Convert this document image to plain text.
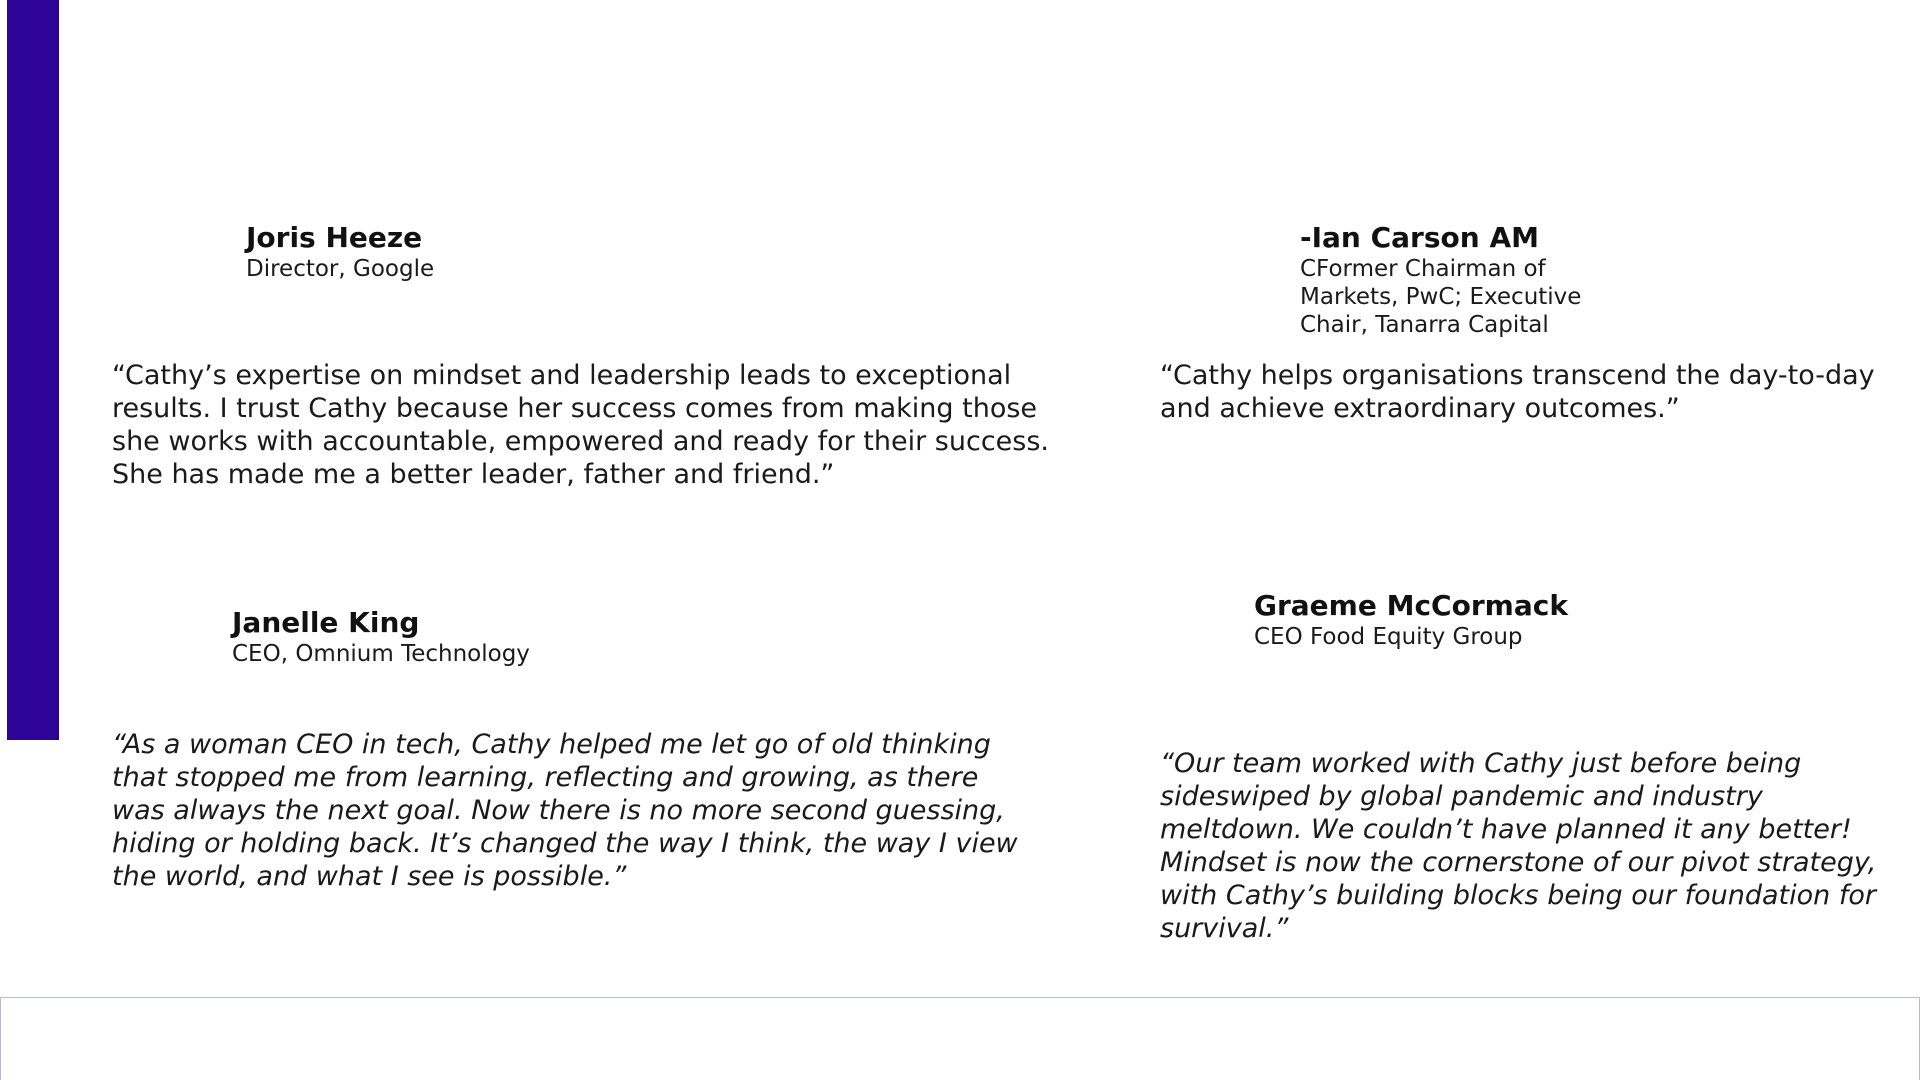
Joris Heeze

Director, Google

“Cathy’s expertise on mindset and leadership leads to exceptional results. I trust Cathy because her success comes from making those she works with accountable, empowered and ready for their success. She has made me a better leader, father and friend.”

-Ian Carson AM

CFormer Chairman of Markets, PwC; Executive Chair, Tanarra Capital

“Cathy helps organisations transcend the day-to-day and achieve extraordinary outcomes.”

Janelle King

CEO, Omnium Technology

“As a woman CEO in tech, Cathy helped me let go of old thinking that stopped me from learning, reflecting and growing, as there was always the next goal. Now there is no more second guessing, hiding or holding back. It’s changed the way I think, the way I view the world, and what I see is possible.”

Graeme McCormack

CEO Food Equity Group

“Our team worked with Cathy just before being sideswiped by global pandemic and industry meltdown. We couldn’t have planned it any better! Mindset is now the cornerstone of our pivot strategy, with Cathy’s building blocks being our foundation for survival.”
